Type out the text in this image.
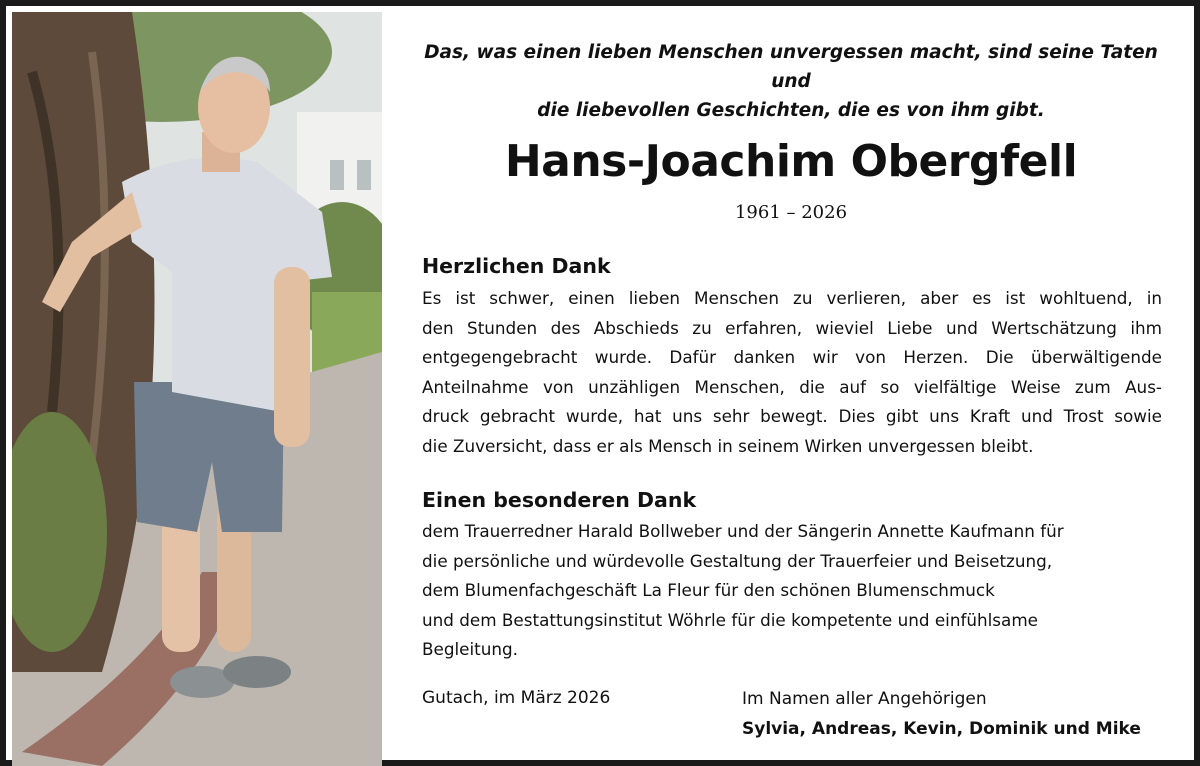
Das, was einen lieben Menschen unvergessen macht, sind seine Taten und
die liebevollen Geschichten, die es von ihm gibt.
Hans-Joachim Obergfell
1961 – 2026
Herzlichen Dank
Es ist schwer, einen lieben Menschen zu verlieren, aber es ist wohltuend, in
den Stunden des Abschieds zu erfahren, wieviel Liebe und Wertschätzung ihm
entgegengebracht wurde. Dafür danken wir von Herzen. Die überwältigende
Anteilnahme von unzähligen Menschen, die auf so vielfältige Weise zum Aus-
druck gebracht wurde, hat uns sehr bewegt. Dies gibt uns Kraft und Trost sowie
die Zuversicht, dass er als Mensch in seinem Wirken unvergessen bleibt.
Einen besonderen Dank
dem Trauerredner Harald Bollweber und der Sängerin Annette Kaufmann für
die persönliche und würdevolle Gestaltung der Trauerfeier und Beisetzung,
dem Blumenfachgeschäft La Fleur für den schönen Blumenschmuck
und dem Bestattungsinstitut Wöhrle für die kompetente und einfühlsame
Begleitung.
Gutach, im März 2026	Im Namen aller Angehörigen
Sylvia, Andreas, Kevin, Dominik und Mike
